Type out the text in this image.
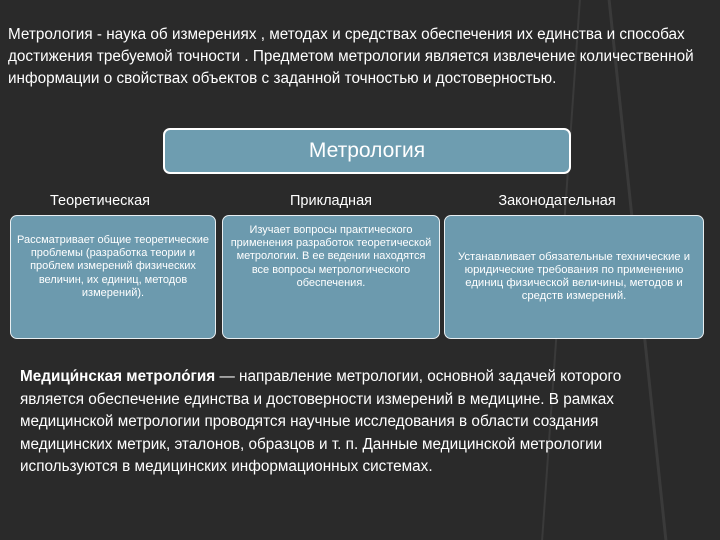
Метрология - наука об измерениях , методах и средствах обеспечения их единства и способах достижения требуемой точности . Предметом метрологии является извлечение количественной информации о свойствах объектов с заданной точностью и достоверностью.

Метрология
Теоретическая	Прикладная	Законодательная
Рассматривает общие теоретические проблемы (разработка теории и проблем измерений физических величин, их единиц, методов измерений).
Изучает вопросы практического применения разработок теоретической метрологии. В ее ведении находятся все вопросы метрологического обеспечения.
Устанавливает обязательные технические и юридические требования по применению единиц физической величины, методов и средств измерений.

Медици́нская метроло́гия — направление метрологии, основной задачей которого является обеспечение единства и достоверности измерений в медицине. В рамках медицинской метрологии проводятся научные исследования в области создания медицинских метрик, эталонов, образцов и т. п. Данные медицинской метрологии используются в медицинских информационных системах.
